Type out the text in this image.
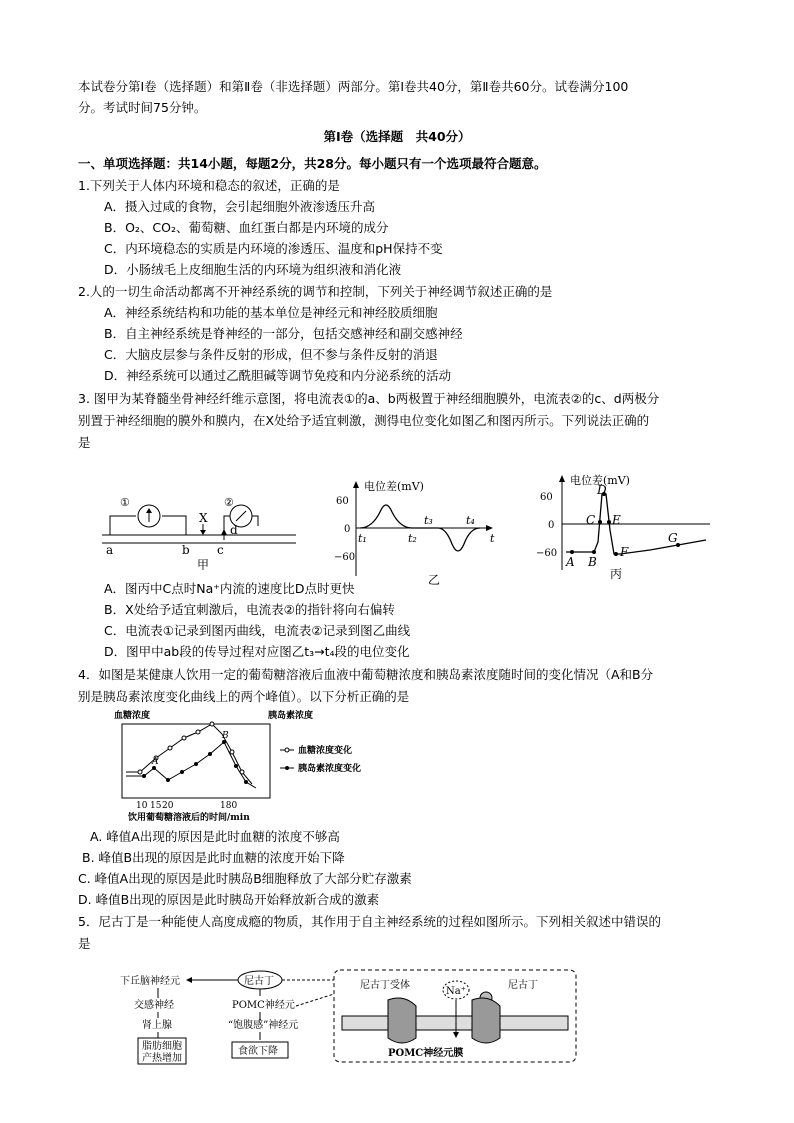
本试卷分第Ⅰ卷（选择题）和第Ⅱ卷（非选择题）两部分。第Ⅰ卷共40分，第Ⅱ卷共60分。试卷满分100
分。考试时间75分钟。
第Ⅰ卷（选择题　共40分）
一、单项选择题：共14小题，每题2分，共28分。每小题只有一个选项最符合题意。
1.下列关于人体内环境和稳态的叙述，正确的是
A．摄入过咸的食物，会引起细胞外液渗透压升高
B．O₂、CO₂、葡萄糖、血红蛋白都是内环境的成分
C．内环境稳态的实质是内环境的渗透压、温度和pH保持不变
D．小肠绒毛上皮细胞生活的内环境为组织液和消化液
2.人的一切生命活动都离不开神经系统的调节和控制，下列关于神经调节叙述正确的是
A．神经系统结构和功能的基本单位是神经元和神经胶质细胞
B．自主神经系统是脊神经的一部分，包括交感神经和副交感神经
C．大脑皮层参与条件反射的形成，但不参与条件反射的消退
D．神经系统可以通过乙酰胆碱等调节免疫和内分泌系统的活动
3. 图甲为某脊髓坐骨神经纤维示意图，将电流表①的a、b两极置于神经细胞膜外，电流表②的c、d两极分
别置于神经细胞的膜外和膜内，在X处给予适宜刺激，测得电位变化如图乙和图丙所示。下列说法正确的
是
①
X
②
a	b c
d
甲
电位差(mV)
60
0
−60
t₁	t₂
t₃	t₄
t
乙
电位差(mV)
60
0
−60
A B
C
D
E
F
G
丙
A．图丙中C点时Na⁺内流的速度比D点时更快
B．X处给予适宜刺激后，电流表②的指针将向右偏转
C．电流表①记录到图丙曲线，电流表②记录到图乙曲线
D．图甲中ab段的传导过程对应图乙t₃→t₄段的电位变化
4．如图是某健康人饮用一定的葡萄糖溶液后血液中葡萄糖浓度和胰岛素浓度随时间的变化情况（A和B分
别是胰岛素浓度变化曲线上的两个峰值）。以下分析正确的是
血糖浓度	胰岛素浓度
A
B
10 15 20	180
饮用葡萄糖溶液后的时间/min
血糖浓度变化
胰岛素浓度变化
A. 峰值A出现的原因是此时血糖的浓度不够高
B. 峰值B出现的原因是此时血糖的浓度开始下降
C. 峰值A出现的原因是此时胰岛B细胞释放了大部分贮存激素
D. 峰值B出现的原因是此时胰岛开始释放新合成的激素
5．尼古丁是一种能使人高度成瘾的物质，其作用于自主神经系统的过程如图所示。下列相关叙述中错误的
是
下丘脑神经元	尼古丁
交感神经
肾上腺
脂肪细胞
产热增加
POMC神经元
“饱腹感”神经元
食欲下降
尼古丁受体
Na⁺
尼古丁
POMC神经元膜
